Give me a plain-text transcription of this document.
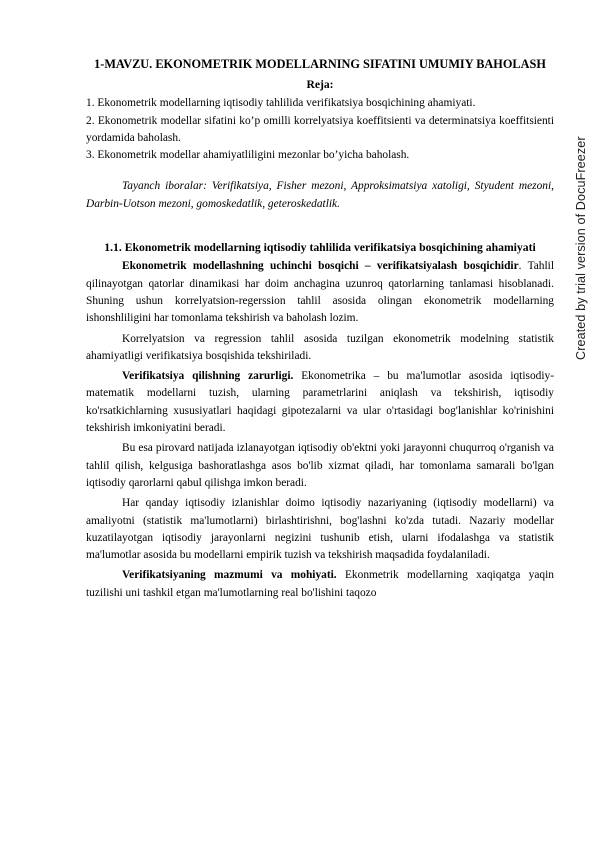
1-MAVZU. EKONOMETRIK MODELLARNING SIFATINI UMUMIY BAHOLASH
Reja:

1. Ekonometrik modellarning iqtisodiy tahlilida verifikatsiya bosqichining ahamiyati.

2. Ekonometrik modellar sifatini ko’p omilli korrelyatsiya koeffitsienti va determinatsiya koeffitsienti yordamida baholash.

3. Ekonometrik modellar ahamiyatliligini mezonlar bo’yicha baholash.

Tayanch iboralar: Verifikatsiya, Fisher mezoni, Approksimatsiya xatoligi, Styudent mezoni, Darbin-Uotson mezoni, gomoskedatlik, geteroskedatlik.

1.1. Ekonometrik modellarning iqtisodiy tahlilida verifikatsiya bosqichining ahamiyati

Ekonometrik modellashning uchinchi bosqichi – verifikatsiyalash bosqichidir. Tahlil qilinayotgan qatorlar dinamikasi har doim anchagina uzunroq qatorlarning tanlamasi hisoblanadi. Shuning ushun korrelyatsion-regerssion tahlil asosida olingan ekonometrik modellarning ishonshliligini har tomonlama tekshirish va baholash lozim.

Korrelyatsion va regression tahlil asosida tuzilgan ekonometrik modelning statistik ahamiyatligi verifikatsiya bosqishida tekshiriladi.

Verifikatsiya qilishning zarurligi. Ekonometrika – bu ma'lumotlar asosida iqtisodiy-matematik modellarni tuzish, ularning parametrlarini aniqlash va tekshirish, iqtisodiy ko'rsatkichlarning xususiyatlari haqidagi gipotezalarni va ular o'rtasidagi bog'lanishlar ko'rinishini tekshirish imkoniyatini beradi.

Bu esa pirovard natijada izlanayotgan iqtisodiy ob'ektni yoki jarayonni chuqurroq o'rganish va tahlil qilish, kelgusiga bashoratlashga asos bo'lib xizmat qiladi, har tomonlama samarali bo'lgan iqtisodiy qarorlarni qabul qilishga imkon beradi.

Har qanday iqtisodiy izlanishlar doimo iqtisodiy nazariyaning (iqtisodiy modellarni) va amaliyotni (statistik ma'lumotlarni) birlashtirishni, bog'lashni ko'zda tutadi. Nazariy modellar kuzatilayotgan iqtisodiy jarayonlarni negizini tushunib etish, ularni ifodalashga va statistik ma'lumotlar asosida bu modellarni empirik tuzish va tekshirish maqsadida foydalaniladi.

Verifikatsiyaning mazmumi va mohiyati. Ekonmetrik modellarning xaqiqatga yaqin tuzilishi uni tashkil etgan ma'lumotlarning real bo'lishini taqozo

Created by trial version of DocuFreezer
